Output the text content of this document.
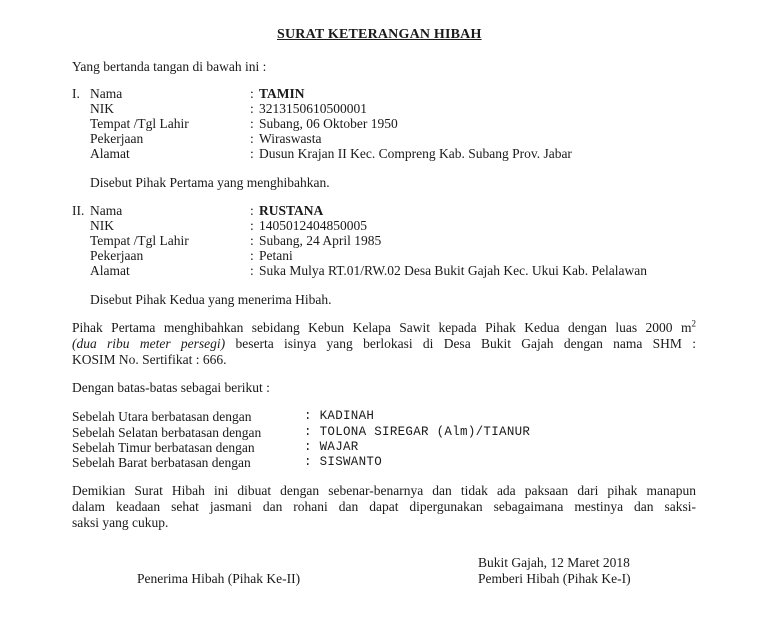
SURAT KETERANGAN HIBAH
Yang bertanda tangan di bawah ini :
I. Nama	: TAMIN
NIK	: 3213150610500001
Tempat /Tgl Lahir	: Subang, 06 Oktober 1950
Pekerjaan	: Wiraswasta
Alamat	: Dusun Krajan II Kec. Compreng Kab. Subang Prov. Jabar
Disebut Pihak Pertama yang menghibahkan.
II. Nama	: RUSTANA
NIK	: 1405012404850005
Tempat /Tgl Lahir	: Subang, 24 April 1985
Pekerjaan	: Petani
Alamat	: Suka Mulya RT.01/RW.02 Desa Bukit Gajah Kec. Ukui Kab. Pelalawan
Disebut Pihak Kedua yang menerima Hibah.
Pihak Pertama menghibahkan sebidang Kebun Kelapa Sawit kepada Pihak Kedua dengan luas 2000 $m^2$
(dua ribu meter persegi) beserta isinya yang berlokasi di Desa Bukit Gajah dengan nama SHM :
KOSIM No. Sertifikat : 666.
Dengan batas-batas sebagai berikut :
Sebelah Utara berbatasan dengan	: KADINAH
Sebelah Selatan berbatasan dengan	: TOLONA SIREGAR (Alm)/TIANUR
Sebelah Timur berbatasan dengan	: WAJAR
Sebelah Barat berbatasan dengan	: SISWANTO
Demikian Surat Hibah ini dibuat dengan sebenar-benarnya dan tidak ada paksaan dari pihak manapun
dalam keadaan sehat jasmani dan rohani dan dapat dipergunakan sebagaimana mestinya dan saksi-
saksi yang cukup.
Bukit Gajah, 12 Maret 2018
Penerima Hibah (Pihak Ke-II)	Pemberi Hibah (Pihak Ke-I)
